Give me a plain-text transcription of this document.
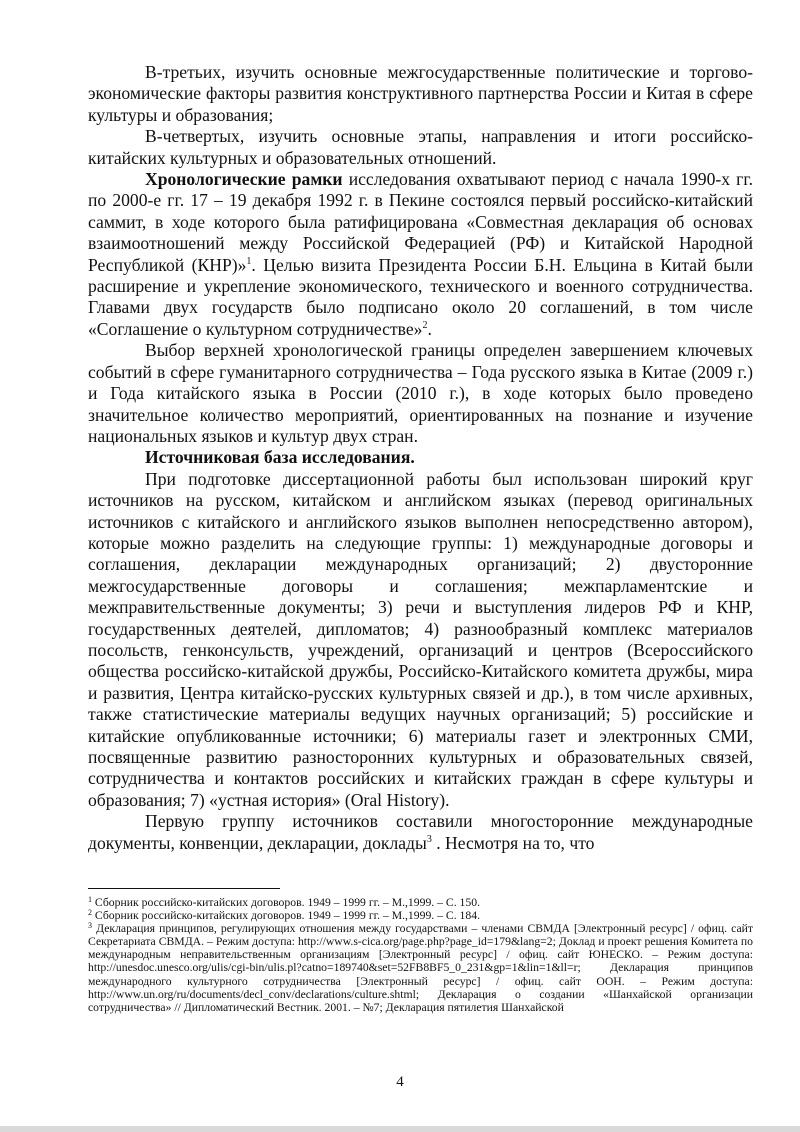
В-третьих, изучить основные межгосударственные политические и торгово-экономические факторы развития конструктивного партнерства России и Китая в сфере культуры и образования;

В-четвертых, изучить основные этапы, направления и итоги российско-китайских культурных и образовательных отношений.

Хронологические рамки исследования охватывают период с начала 1990-х гг. по 2000-е гг. 17 – 19 декабря 1992 г. в Пекине состоялся первый российско-китайский саммит, в ходе которого была ратифицирована «Совместная декларация об основах взаимоотношений между Российской Федерацией (РФ) и Китайской Народной Республикой (КНР)»$^1$. Целью визита Президента России Б.Н. Ельцина в Китай были расширение и укрепление экономического, технического и военного сотрудничества. Главами двух государств было подписано около 20 соглашений, в том числе «Соглашение о культурном сотрудничестве»$^2$.

Выбор верхней хронологической границы определен завершением ключевых событий в сфере гуманитарного сотрудничества – Года русского языка в Китае (2009 г.) и Года китайского языка в России (2010 г.), в ходе которых было проведено значительное количество мероприятий, ориентированных на познание и изучение национальных языков и культур двух стран.

Источниковая база исследования.

При подготовке диссертационной работы был использован широкий круг источников на русском, китайском и английском языках (перевод оригинальных источников с китайского и английского языков выполнен непосредственно автором), которые можно разделить на следующие группы: 1) международные договоры и соглашения, декларации международных организаций; 2) двусторонние межгосударственные договоры и соглашения; межпарламентские и межправительственные документы; 3) речи и выступления лидеров РФ и КНР, государственных деятелей, дипломатов; 4) разнообразный комплекс материалов посольств, генконсульств, учреждений, организаций и центров (Всероссийского общества российско-китайской дружбы, Российско-Китайского комитета дружбы, мира и развития, Центра китайско-русских культурных связей и др.), в том числе архивных, также статистические материалы ведущих научных организаций; 5) российские и китайские опубликованные источники; 6) материалы газет и электронных СМИ, посвященные развитию разносторонних культурных и образовательных связей, сотрудничества и контактов российских и китайских граждан в сфере культуры и образования; 7) «устная история» (Oral History).

Первую группу источников составили многосторонние международные документы, конвенции, декларации, доклады$^3$ . Несмотря на то, что

$^1$ Сборник российско-китайских договоров. 1949 – 1999 гг. – М.,1999. – С. 150.

$^2$ Сборник российско-китайских договоров. 1949 – 1999 гг. – М.,1999. – С. 184.

$^3$ Декларация принципов, регулирующих отношения между государствами – членами СВМДА [Электронный ресурс] / офиц. сайт Секретариата СВМДА. – Режим доступа: http://www.s-cica.org/page.php?page_id=179&lang=2; Доклад и проект решения Комитета по международным неправительственным организациям [Электронный ресурс] / офиц. сайт ЮНЕСКО. – Режим доступа: http://unesdoc.unesco.org/ulis/cgi-bin/ulis.pl?catno=189740&set=52FB8BF5_0_231&gp=1&lin=1&ll=r; Декларация принципов международного культурного сотрудничества [Электронный ресурс] / офиц. сайт ООН. – Режим доступа: http://www.un.org/ru/documents/decl_conv/declarations/culture.shtml; Декларация о создании «Шанхайской организации сотрудничества» // Дипломатический Вестник. 2001. – №7; Декларация пятилетия Шанхайской

4
